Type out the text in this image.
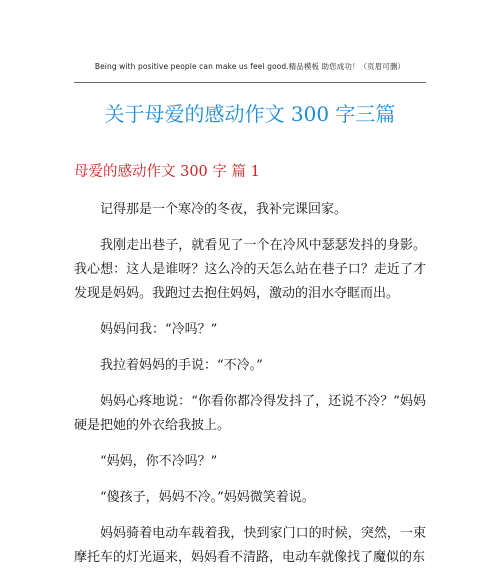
Being with positive people can make us feel good.精品模板 助您成功！（页眉可删）
关于母爱的感动作文 300 字三篇
母爱的感动作文 300 字 篇 1

记得那是一个寒冷的冬夜，我补完课回家。

我刚走出巷子，就看见了一个在冷风中瑟瑟发抖的身影。我心想：这人是谁呀？这么冷的天怎么站在巷子口？走近了才发现是妈妈。我跑过去抱住妈妈，激动的泪水夺眶而出。

妈妈问我：“冷吗？”

我拉着妈妈的手说：“不冷。”

妈妈心疼地说：“你看你都冷得发抖了，还说不冷？”妈妈硬是把她的外衣给我披上。

“妈妈，你不冷吗？”

“傻孩子，妈妈不冷。”妈妈微笑着说。

妈妈骑着电动车载着我，快到家门口的时候，突然，一束摩托车的灯光逼来，妈妈看不清路，电动车就像找了魔似的东
